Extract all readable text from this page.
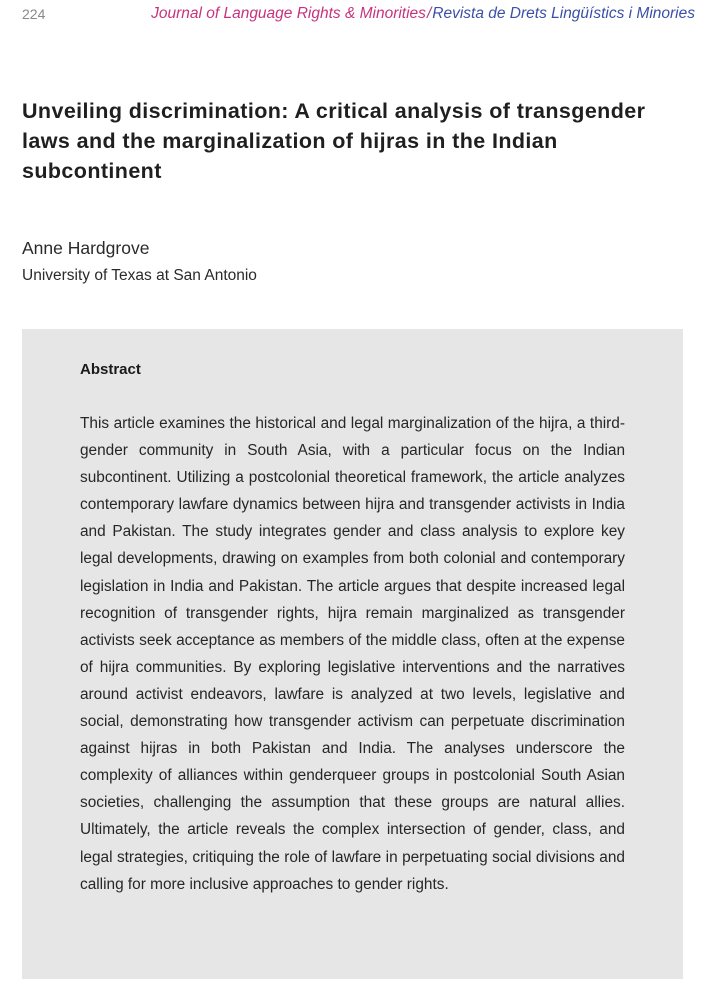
224	Journal of Language Rights & Minorities/Revista de Drets Lingüístics i Minories
Unveiling discrimination: A critical analysis of transgender laws and the marginalization of hijras in the Indian subcontinent
Anne Hardgrove
University of Texas at San Antonio
Abstract

This article examines the historical and legal marginalization of the hijra, a third-gender community in South Asia, with a particular focus on the Indian subcontinent. Utilizing a postcolonial theoretical framework, the article analyzes contemporary lawfare dynamics between hijra and transgender activists in India and Pakistan. The study integrates gender and class analysis to explore key legal developments, drawing on examples from both colonial and contemporary legislation in India and Pakistan. The article argues that despite increased legal recognition of transgender rights, hijra remain marginalized as transgender activists seek acceptance as members of the middle class, often at the expense of hijra communities. By exploring legislative interventions and the narratives around activist endeavors, lawfare is analyzed at two levels, legislative and social, demonstrating how transgender activism can perpetuate discrimination against hijras in both Pakistan and India. The analyses underscore the complexity of alliances within genderqueer groups in postcolonial South Asian societies, challenging the assumption that these groups are natural allies. Ultimately, the article reveals the complex intersection of gender, class, and legal strategies, critiquing the role of lawfare in perpetuating social divisions and calling for more inclusive approaches to gender rights.
